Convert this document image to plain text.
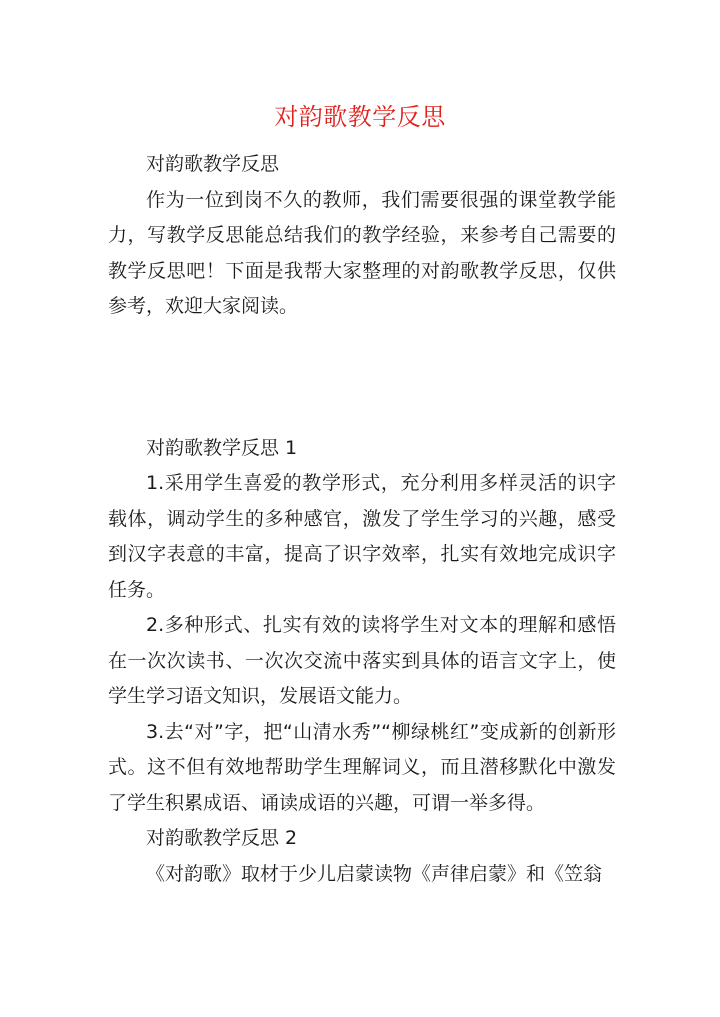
对韵歌教学反思

对韵歌教学反思

作为一位到岗不久的教师，我们需要很强的课堂教学能力，写教学反思能总结我们的教学经验，来参考自己需要的教学反思吧！下面是我帮大家整理的对韵歌教学反思，仅供参考，欢迎大家阅读。

对韵歌教学反思 1

1.采用学生喜爱的教学形式，充分利用多样灵活的识字载体，调动学生的多种感官，激发了学生学习的兴趣，感受到汉字表意的丰富，提高了识字效率，扎实有效地完成识字任务。

2.多种形式、扎实有效的读将学生对文本的理解和感悟在一次次读书、一次次交流中落实到具体的语言文字上，使学生学习语文知识，发展语文能力。

3.去“对”字，把“山清水秀”“柳绿桃红”变成新的创新形式。这不但有效地帮助学生理解词义，而且潜移默化中激发了学生积累成语、诵读成语的兴趣，可谓一举多得。

对韵歌教学反思 2

《对韵歌》取材于少儿启蒙读物《声律启蒙》和《笠翁
